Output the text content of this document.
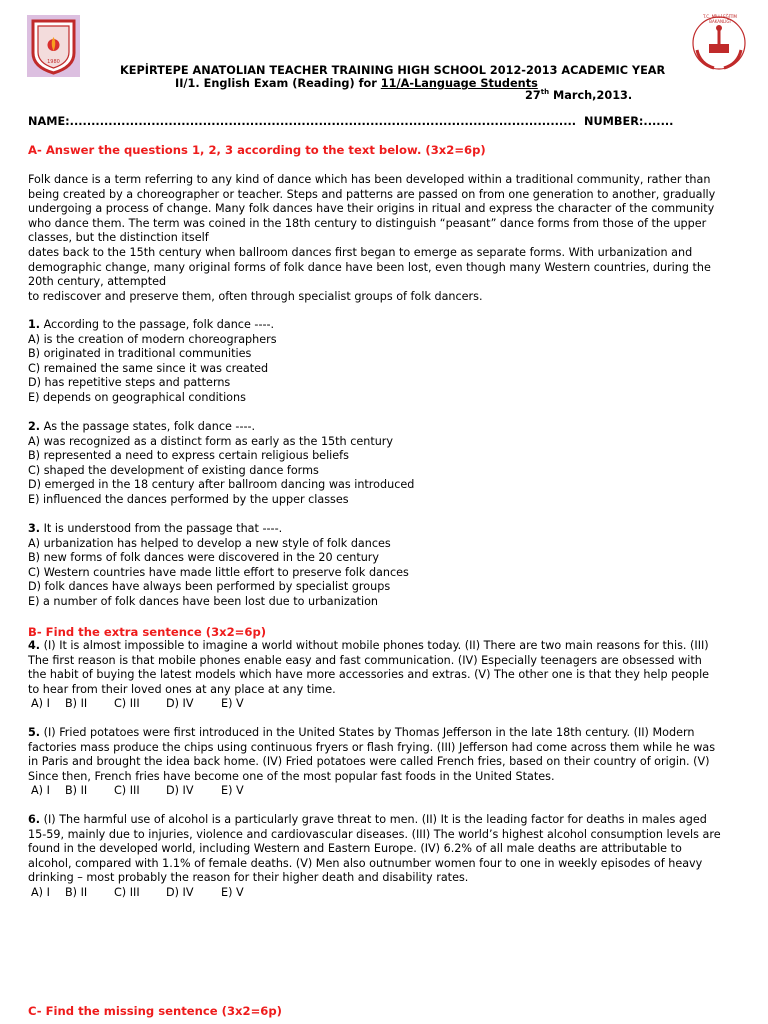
1980
T.C. MİLLİ EĞİTİM BAKANLIĞI
KEPİRTEPE ANATOLIAN TEACHER TRAINING HIGH SCHOOL 2012-2013 ACADEMIC YEAR
II/1. English Exam (Reading) for 11/A-Language Students
27th March,2013.
NAME:...................................................................................................................... NUMBER:.......
A- Answer the questions 1, 2, 3 according to the text below. (3x2=6p)

Folk dance is a term referring to any kind of dance which has been developed within a traditional community, rather than

being created by a choreographer or teacher. Steps and patterns are passed on from one generation to another, gradually

undergoing a process of change. Many folk dances have their origins in ritual and express the character of the community

who dance them. The term was coined in the 18th century to distinguish “peasant” dance forms from those of the upper

classes, but the distinction itself

dates back to the 15th century when ballroom dances first began to emerge as separate forms. With urbanization and

demographic change, many original forms of folk dance have been lost, even though many Western countries, during the

20th century, attempted

to rediscover and preserve them, often through specialist groups of folk dancers.

1. According to the passage, folk dance ----.
A) is the creation of modern choreographers
B) originated in traditional communities
C) remained the same since it was created
D) has repetitive steps and patterns
E) depends on geographical conditions
2. As the passage states, folk dance ----.
A) was recognized as a distinct form as early as the 15th century
B) represented a need to express certain religious beliefs
C) shaped the development of existing dance forms
D) emerged in the 18 century after ballroom dancing was introduced
E) influenced the dances performed by the upper classes
3. It is understood from the passage that ----.
A) urbanization has helped to develop a new style of folk dances
B) new forms of folk dances were discovered in the 20 century
C) Western countries have made little effort to preserve folk dances
D) folk dances have always been performed by specialist groups
E) a number of folk dances have been lost due to urbanization
B- Find the extra sentence (3x2=6p)
4. (I) It is almost impossible to imagine a world without mobile phones today. (II) There are two main reasons for this. (III)
The first reason is that mobile phones enable easy and fast communication. (IV) Especially teenagers are obsessed with
the habit of buying the latest models which have more accessories and extras. (V) The other one is that they help people
to hear from their loved ones at any place at any time.
A) I B) II C) III D) IV E) V
5. (I) Fried potatoes were first introduced in the United States by Thomas Jefferson in the late 18th century. (II) Modern
factories mass produce the chips using continuous fryers or flash frying. (III) Jefferson had come across them while he was
in Paris and brought the idea back home. (IV) Fried potatoes were called French fries, based on their country of origin. (V)
Since then, French fries have become one of the most popular fast foods in the United States.
A) I B) II C) III D) IV E) V
6. (I) The harmful use of alcohol is a particularly grave threat to men. (II) It is the leading factor for deaths in males aged
15-59, mainly due to injuries, violence and cardiovascular diseases. (III) The world’s highest alcohol consumption levels are
found in the developed world, including Western and Eastern Europe. (IV) 6.2% of all male deaths are attributable to
alcohol, compared with 1.1% of female deaths. (V) Men also outnumber women four to one in weekly episodes of heavy
drinking – most probably the reason for their higher death and disability rates.
A) I B) II C) III D) IV E) V
C- Find the missing sentence (3x2=6p)
